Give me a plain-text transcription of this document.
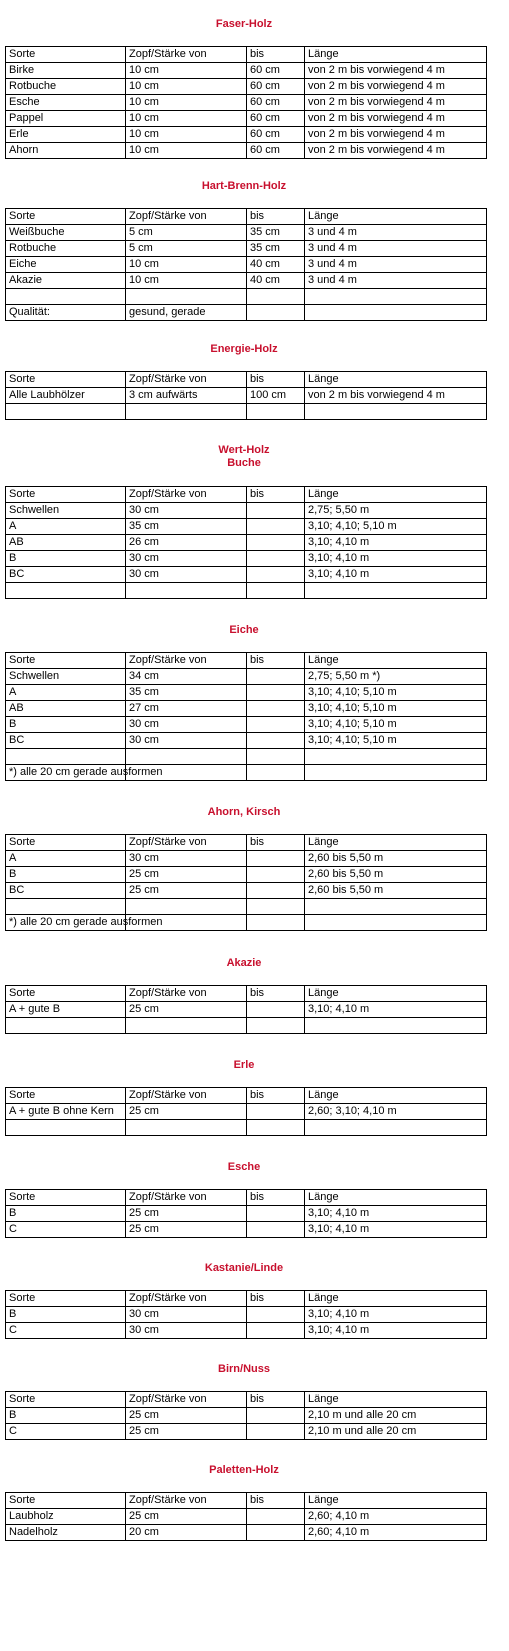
Faser-Holz
Sorte	Zopf/Stärke von	bis	Länge
Birke	10 cm	60 cm	von 2 m bis vorwiegend 4 m
Rotbuche	10 cm	60 cm	von 2 m bis vorwiegend 4 m
Esche	10 cm	60 cm	von 2 m bis vorwiegend 4 m
Pappel	10 cm	60 cm	von 2 m bis vorwiegend 4 m
Erle	10 cm	60 cm	von 2 m bis vorwiegend 4 m
Ahorn	10 cm	60 cm	von 2 m bis vorwiegend 4 m
Hart-Brenn-Holz
Sorte	Zopf/Stärke von	bis	Länge
Weißbuche	5 cm	35 cm	3 und 4 m
Rotbuche	5 cm	35 cm	3 und 4 m
Eiche	10 cm	40 cm	3 und 4 m
Akazie	10 cm	40 cm	3 und 4 m

Qualität:	gesund, gerade		
Energie-Holz
Sorte	Zopf/Stärke von	bis	Länge
Alle Laubhölzer	3 cm aufwärts	100 cm	von 2 m bis vorwiegend 4 m

Wert-Holz
Buche
Sorte	Zopf/Stärke von	bis	Länge
Schwellen	30 cm		2,75; 5,50 m
A	35 cm		3,10; 4,10; 5,10 m
AB	26 cm		3,10; 4,10 m
B	30 cm		3,10; 4,10 m
BC	30 cm		3,10; 4,10 m

Eiche
Sorte	Zopf/Stärke von	bis	Länge
Schwellen	34 cm		2,75; 5,50 m *)
A	35 cm		3,10; 4,10; 5,10 m
AB	27 cm		3,10; 4,10; 5,10 m
B	30 cm		3,10; 4,10; 5,10 m
BC	30 cm		3,10; 4,10; 5,10 m

*) alle 20 cm gerade ausformen			
Ahorn, Kirsch
Sorte	Zopf/Stärke von	bis	Länge
A	30 cm		2,60 bis 5,50 m
B	25 cm		2,60 bis 5,50 m
BC	25 cm		2,60 bis 5,50 m

*) alle 20 cm gerade ausformen			
Akazie
Sorte	Zopf/Stärke von	bis	Länge
A + gute B	25 cm		3,10; 4,10 m

Erle
Sorte	Zopf/Stärke von	bis	Länge
A + gute B ohne Kern	25 cm		2,60; 3,10; 4,10 m

Esche
Sorte	Zopf/Stärke von	bis	Länge
B	25 cm		3,10; 4,10 m
C	25 cm		3,10; 4,10 m
Kastanie/Linde
Sorte	Zopf/Stärke von	bis	Länge
B	30 cm		3,10; 4,10 m
C	30 cm		3,10; 4,10 m
Birn/Nuss
Sorte	Zopf/Stärke von	bis	Länge
B	25 cm		2,10 m und alle 20 cm
C	25 cm		2,10 m und alle 20 cm
Paletten-Holz
Sorte	Zopf/Stärke von	bis	Länge
Laubholz	25 cm		2,60; 4,10 m
Nadelholz	20 cm		2,60; 4,10 m
